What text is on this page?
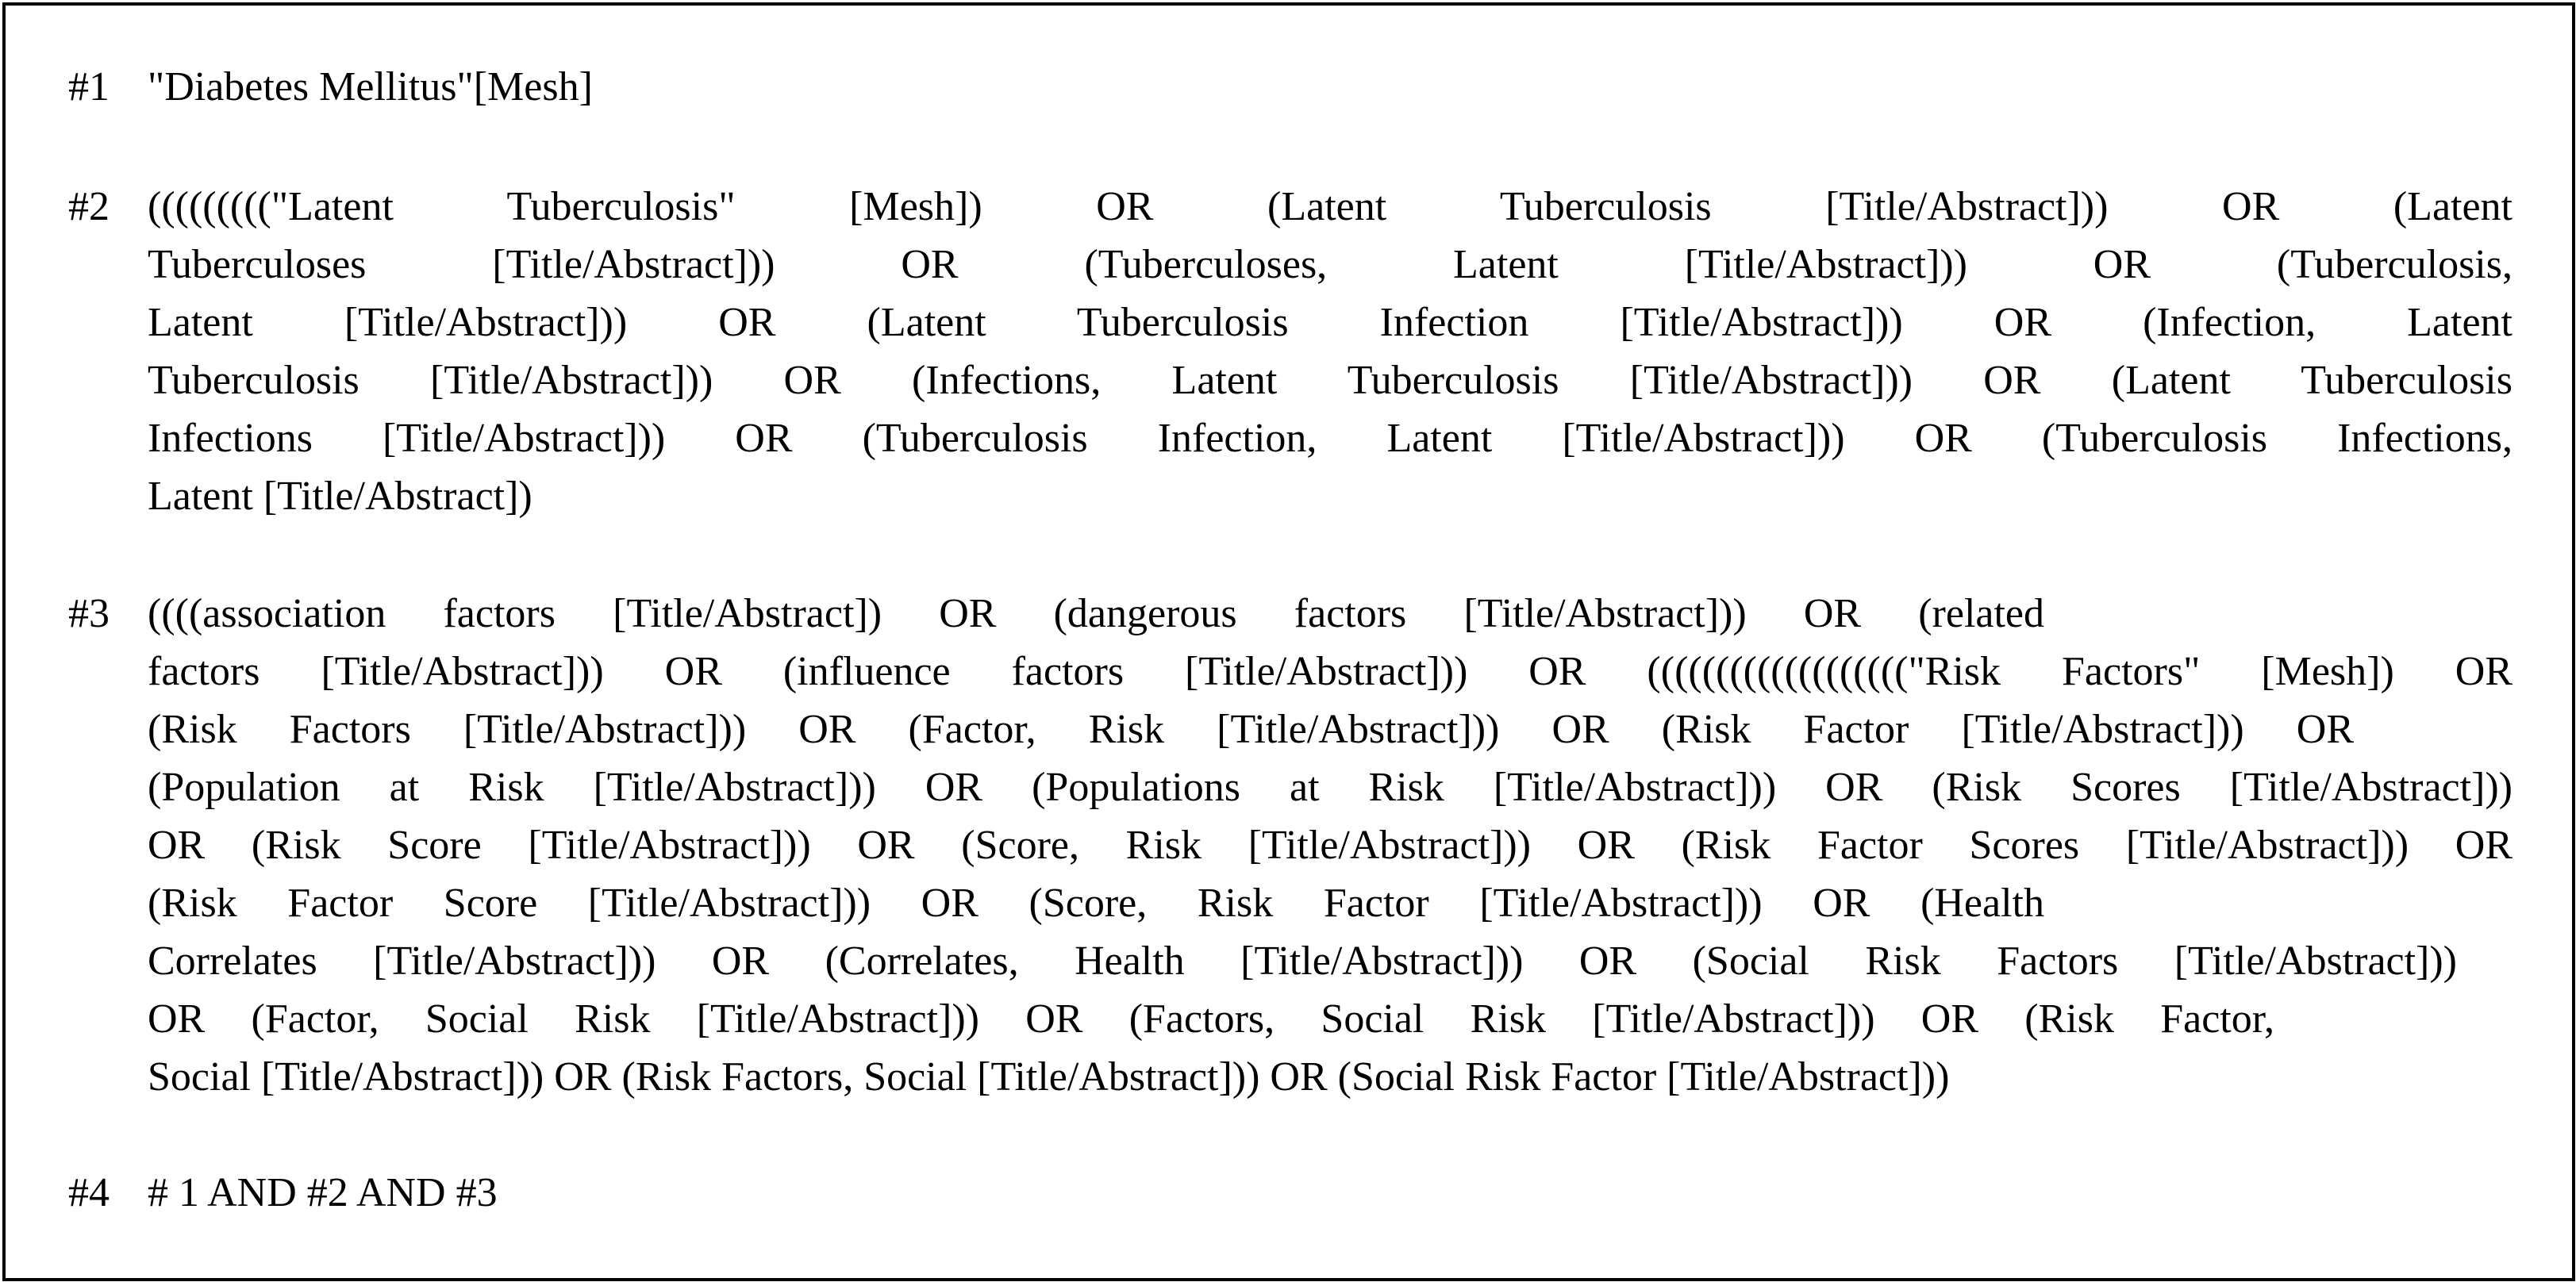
#1 "Diabetes Mellitus"[Mesh]
#2 ((((((((("Latent Tuberculosis" [Mesh]) OR (Latent Tuberculosis [Title/Abstract])) OR (Latent
Tuberculoses [Title/Abstract])) OR (Tuberculoses, Latent [Title/Abstract])) OR (Tuberculosis,
Latent [Title/Abstract])) OR (Latent Tuberculosis Infection [Title/Abstract])) OR (Infection, Latent
Tuberculosis [Title/Abstract])) OR (Infections, Latent Tuberculosis [Title/Abstract])) OR (Latent Tuberculosis
Infections [Title/Abstract])) OR (Tuberculosis Infection, Latent [Title/Abstract])) OR (Tuberculosis Infections,
Latent [Title/Abstract])
#3 ((((association factors [Title/Abstract]) OR (dangerous factors [Title/Abstract])) OR (related
factors [Title/Abstract])) OR (influence factors [Title/Abstract])) OR ((((((((((((((((((("Risk Factors" [Mesh]) OR
(Risk Factors [Title/Abstract])) OR (Factor, Risk [Title/Abstract])) OR (Risk Factor [Title/Abstract])) OR
(Population at Risk [Title/Abstract])) OR (Populations at Risk [Title/Abstract])) OR (Risk Scores [Title/Abstract]))
OR (Risk Score [Title/Abstract])) OR (Score, Risk [Title/Abstract])) OR (Risk Factor Scores [Title/Abstract])) OR
(Risk Factor Score [Title/Abstract])) OR (Score, Risk Factor [Title/Abstract])) OR (Health
Correlates [Title/Abstract])) OR (Correlates, Health [Title/Abstract])) OR (Social Risk Factors [Title/Abstract]))
OR (Factor, Social Risk [Title/Abstract])) OR (Factors, Social Risk [Title/Abstract])) OR (Risk Factor,
Social [Title/Abstract])) OR (Risk Factors, Social [Title/Abstract])) OR (Social Risk Factor [Title/Abstract]))
#4 # 1 AND #2 AND #3
